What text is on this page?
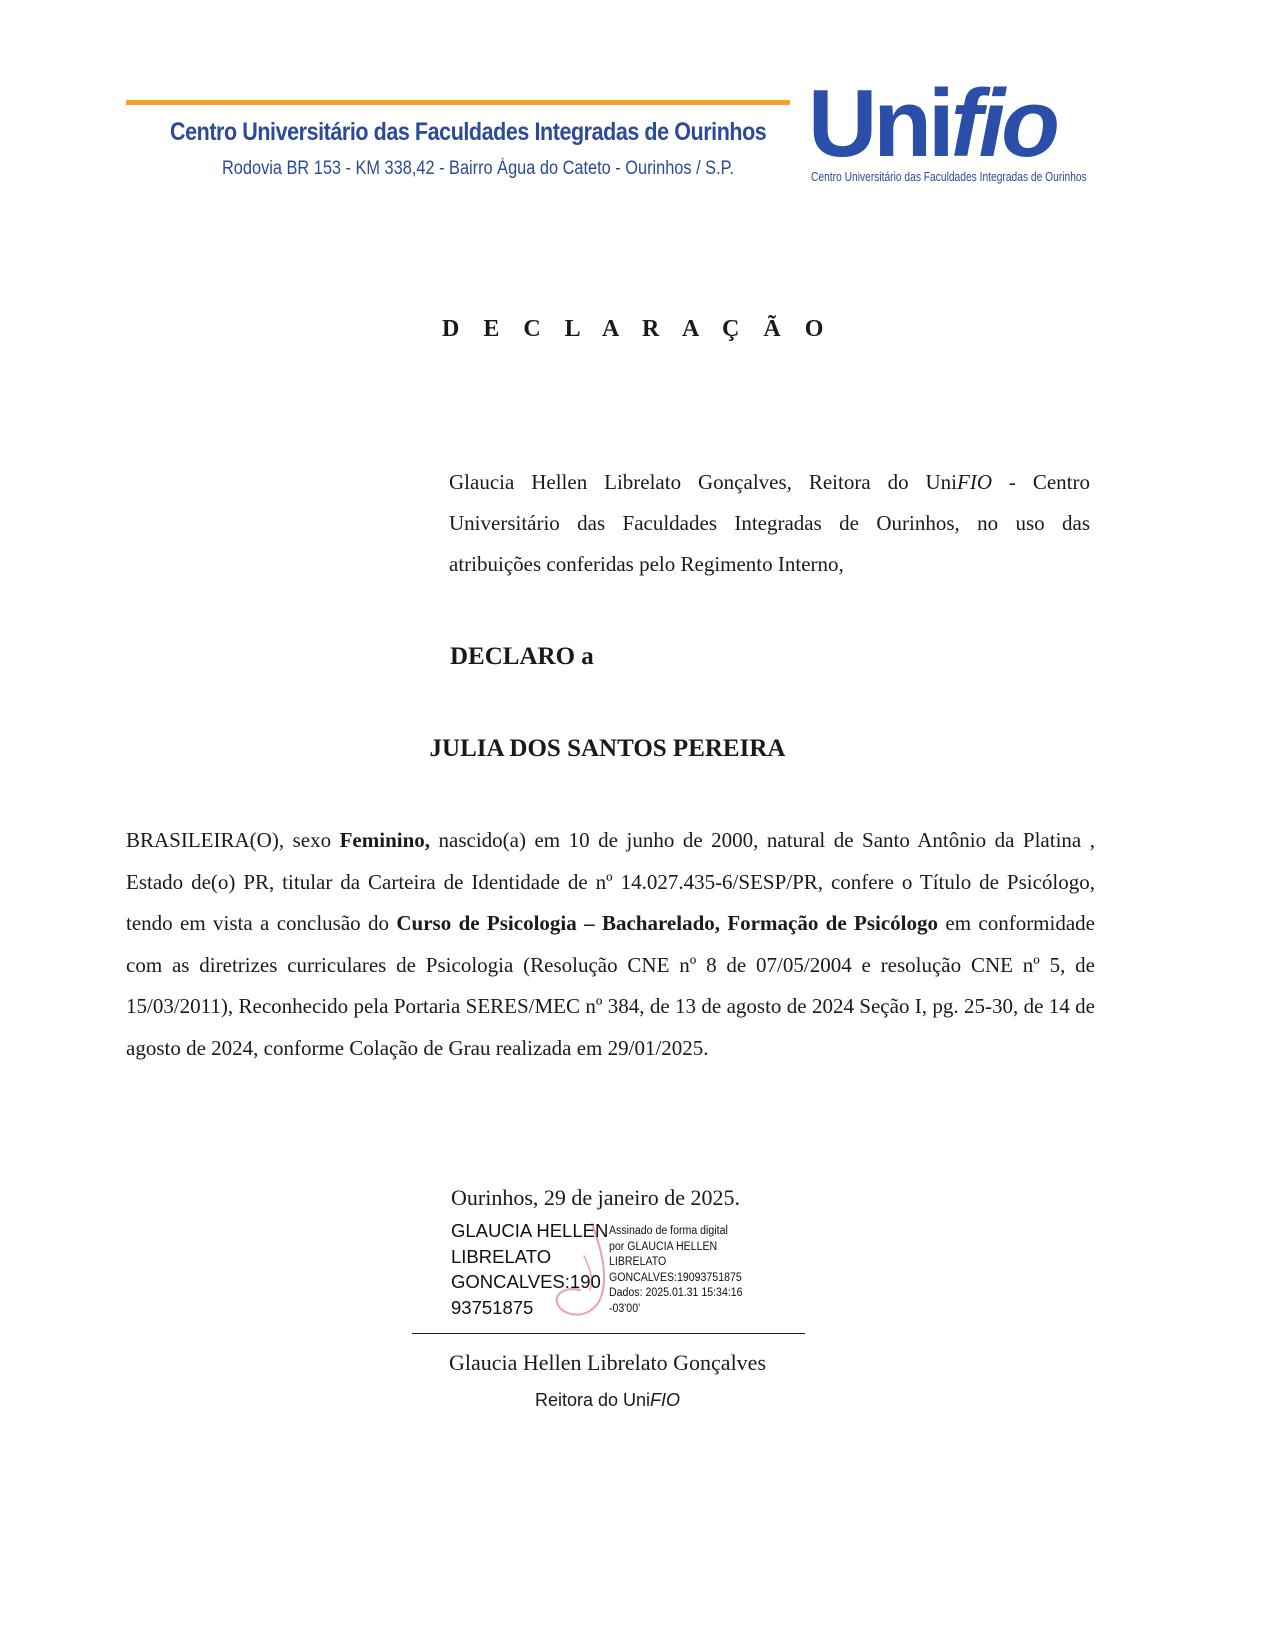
Centro Universitário das Faculdades Integradas de Ourinhos
Rodovia BR 153 - KM 338,42 - Bairro Água do Cateto - Ourinhos / S.P. Unifio
Centro Universitário das Faculdades Integradas de Ourinhos
D E C L A R A Ç Ã O
Glaucia Hellen Librelato Gonçalves, Reitora do UniFIO - Centro Universitário das Faculdades Integradas de Ourinhos, no uso das atribuições conferidas pelo Regimento Interno,
DECLARO a
JULIA DOS SANTOS PEREIRA
BRASILEIRA(O), sexo Feminino, nascido(a) em 10 de junho de 2000, natural de Santo Antônio da Platina , Estado de(o) PR, titular da Carteira de Identidade de nº 14.027.435-6/SESP/PR, confere o Título de Psicólogo, tendo em vista a conclusão do Curso de Psicologia – Bacharelado, Formação de Psicólogo em conformidade com as diretrizes curriculares de Psicologia (Resolução CNE nº 8 de 07/05/2004 e resolução CNE nº 5, de 15/03/2011), Reconhecido pela Portaria SERES/MEC nº 384, de 13 de agosto de 2024 Seção I, pg. 25-30, de 14 de agosto de 2024, conforme Colação de Grau realizada em 29/01/2025.
Ourinhos, 29 de janeiro de 2025.
GLAUCIA HELLEN
LIBRELATO
GONCALVES:190
93751875
Assinado de forma digital
por GLAUCIA HELLEN
LIBRELATO
GONCALVES:19093751875
Dados: 2025.01.31 15:34:16
-03'00'
Glaucia Hellen Librelato Gonçalves
Reitora do UniFIO
